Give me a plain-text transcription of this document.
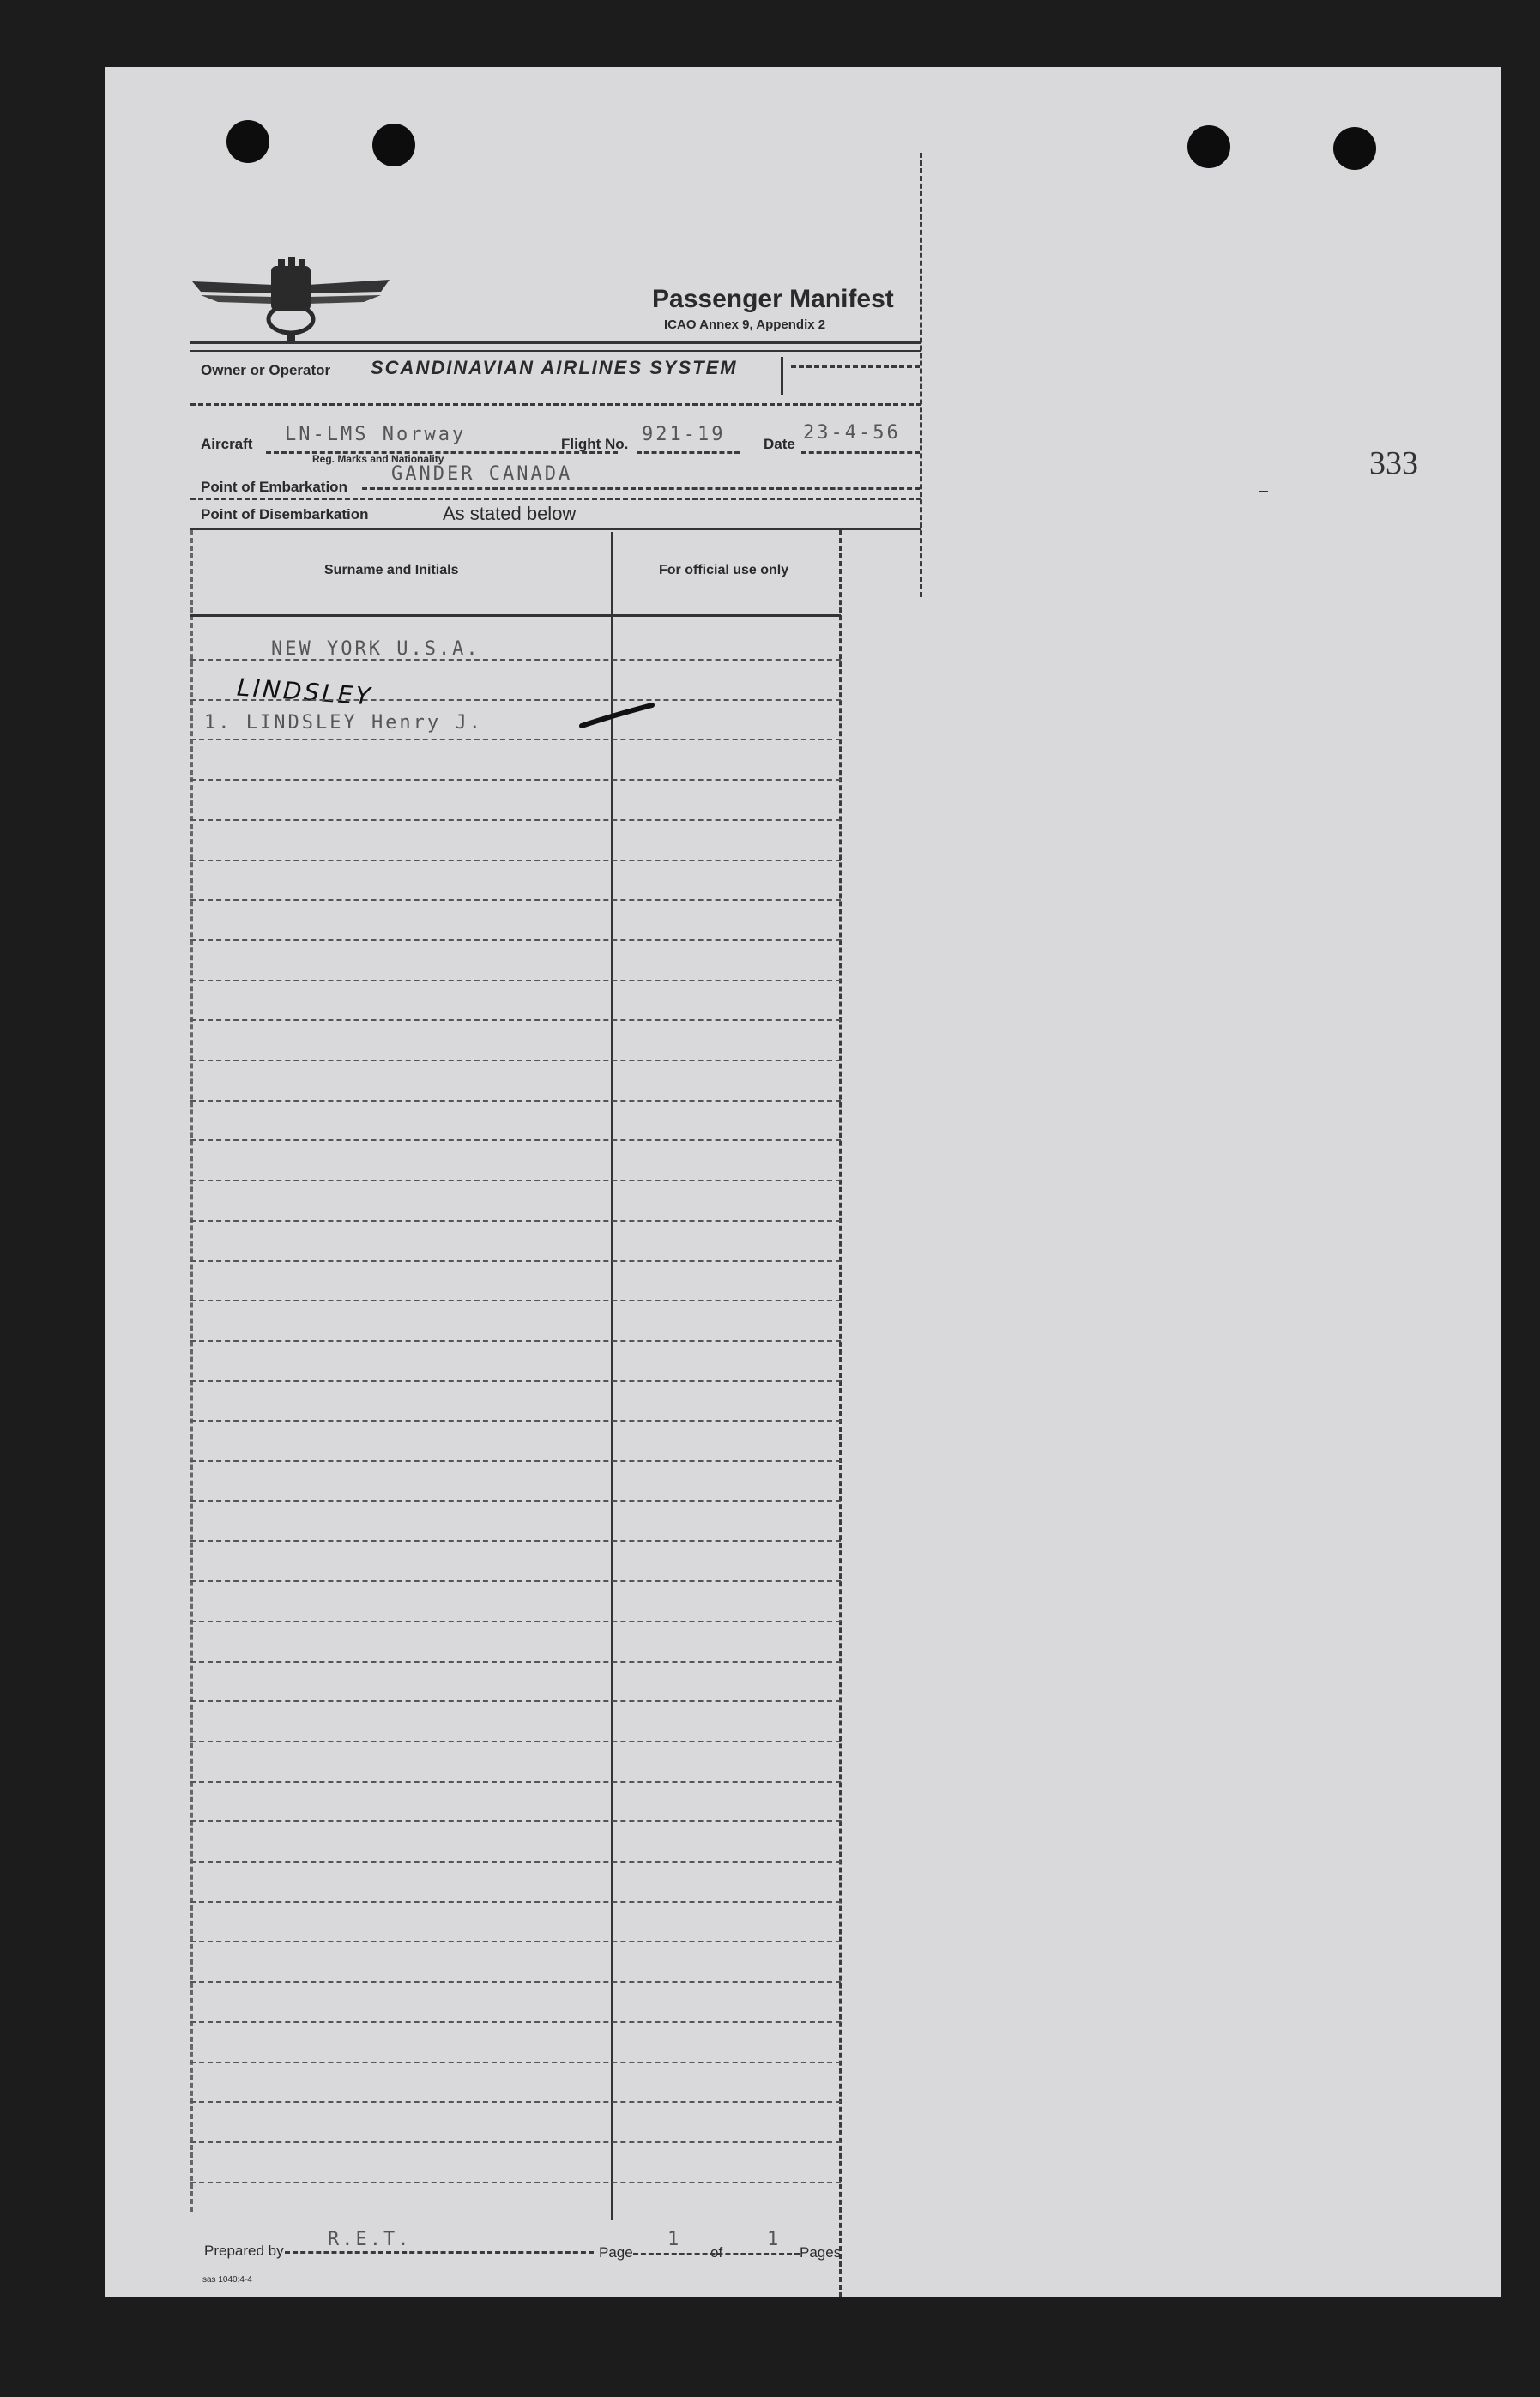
Passenger Manifest
ICAO Annex 9, Appendix 2
Owner or Operator SCANDINAVIAN AIRLINES SYSTEM
Aircraft LN-LMS Norway
Reg. Marks and Nationality
Flight No. 921-19	Date
23-4-56
Point of Embarkation
GANDER CANADA
Point of Disembarkation	As stated below
Surname and Initials	For official use only
NEW YORK U.S.A.
LINDSLEY
1. LINDSLEY Henry J.
Prepared by
R.E.T.
Page
1
of
1
Pages
sas 1040:4-4
333
